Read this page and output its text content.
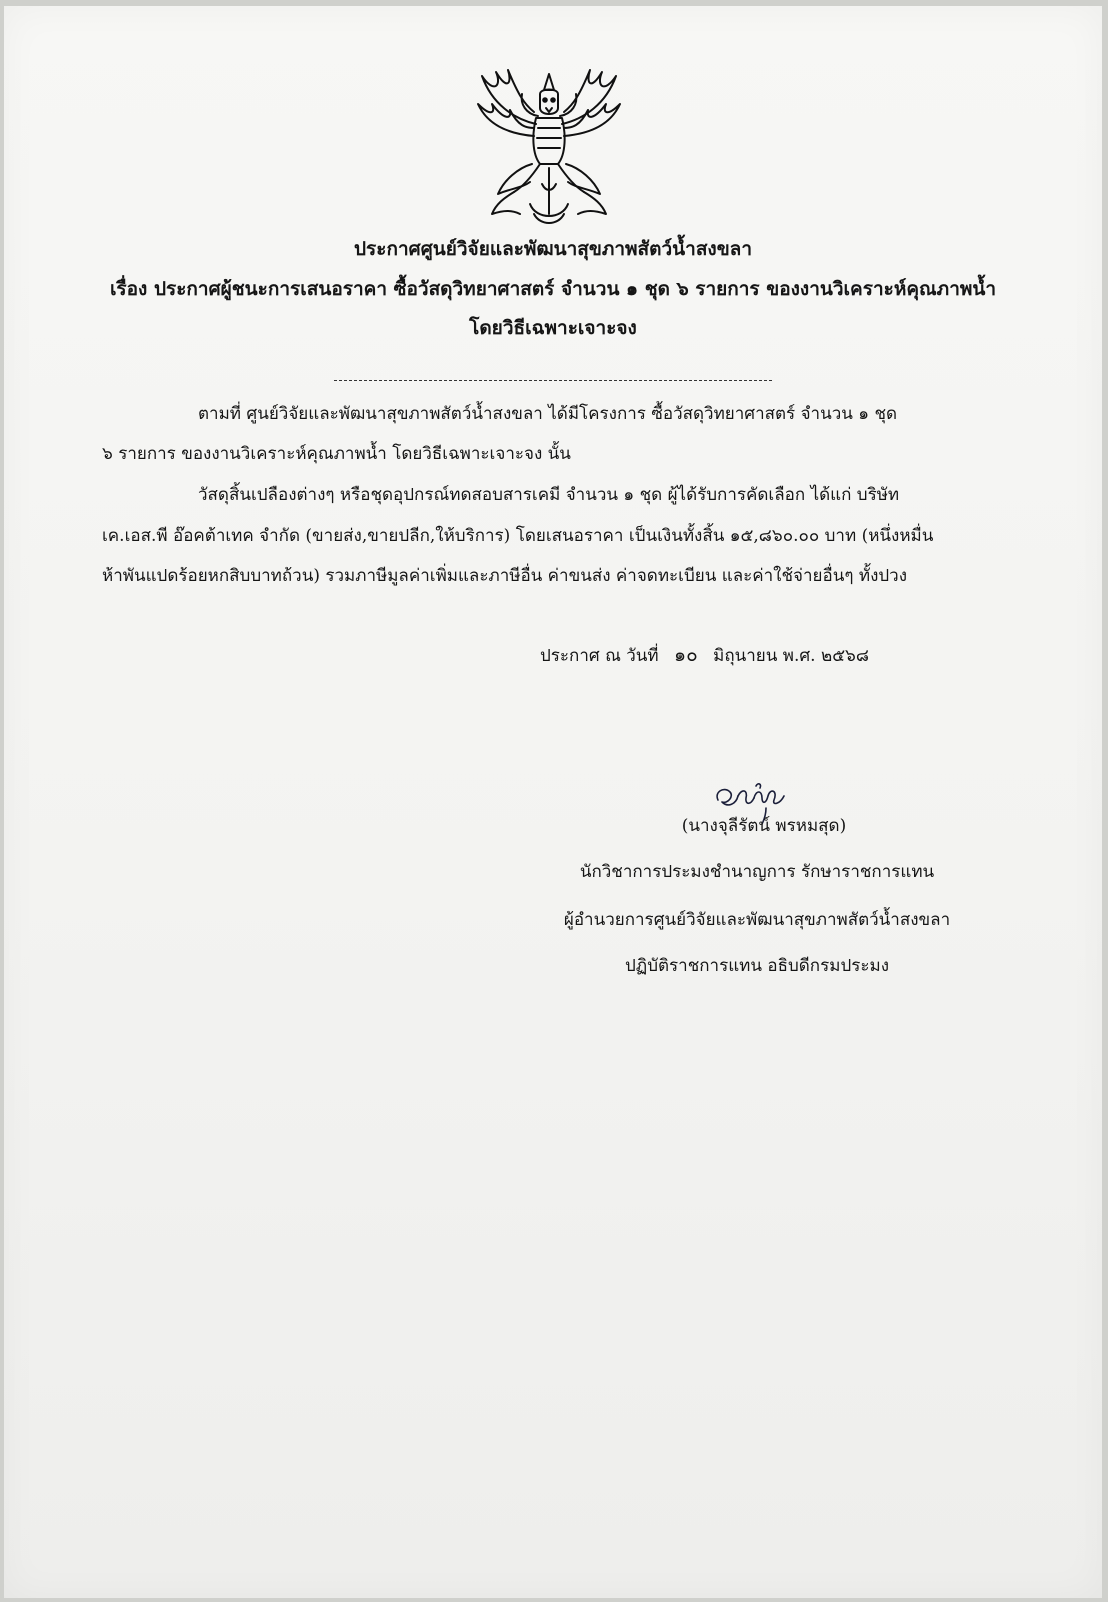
ประกาศศูนย์วิจัยและพัฒนาสุขภาพสัตว์น้ำสงขลา
เรื่อง ประกาศผู้ชนะการเสนอราคา ซื้อวัสดุวิทยาศาสตร์ จำนวน ๑ ชุด ๖ รายการ ของงานวิเคราะห์คุณภาพน้ำ
โดยวิธีเฉพาะเจาะจง
ตามที่ ศูนย์วิจัยและพัฒนาสุขภาพสัตว์น้ำสงขลา ได้มีโครงการ ซื้อวัสดุวิทยาศาสตร์ จำนวน ๑ ชุด
๖ รายการ ของงานวิเคราะห์คุณภาพน้ำ โดยวิธีเฉพาะเจาะจง นั้น
วัสดุสิ้นเปลืองต่างๆ หรือชุดอุปกรณ์ทดสอบสารเคมี จำนวน ๑ ชุด ผู้ได้รับการคัดเลือก ได้แก่ บริษัท
เค.เอส.พี อ๊อคต้าเทค จำกัด (ขายส่ง,ขายปลีก,ให้บริการ) โดยเสนอราคา เป็นเงินทั้งสิ้น ๑๕,๘๖๐.๐๐ บาท (หนึ่งหมื่น
ห้าพันแปดร้อยหกสิบบาทถ้วน) รวมภาษีมูลค่าเพิ่มและภาษีอื่น ค่าขนส่ง ค่าจดทะเบียน และค่าใช้จ่ายอื่นๆ ทั้งปวง
ประกาศ ณ วันที่ ๑๐ มิถุนายน พ.ศ. ๒๕๖๘
(นางจุลีรัตน์ พรหมสุด)
นักวิชาการประมงชำนาญการ รักษาราชการแทน
ผู้อำนวยการศูนย์วิจัยและพัฒนาสุขภาพสัตว์น้ำสงขลา
ปฏิบัติราชการแทน อธิบดีกรมประมง
